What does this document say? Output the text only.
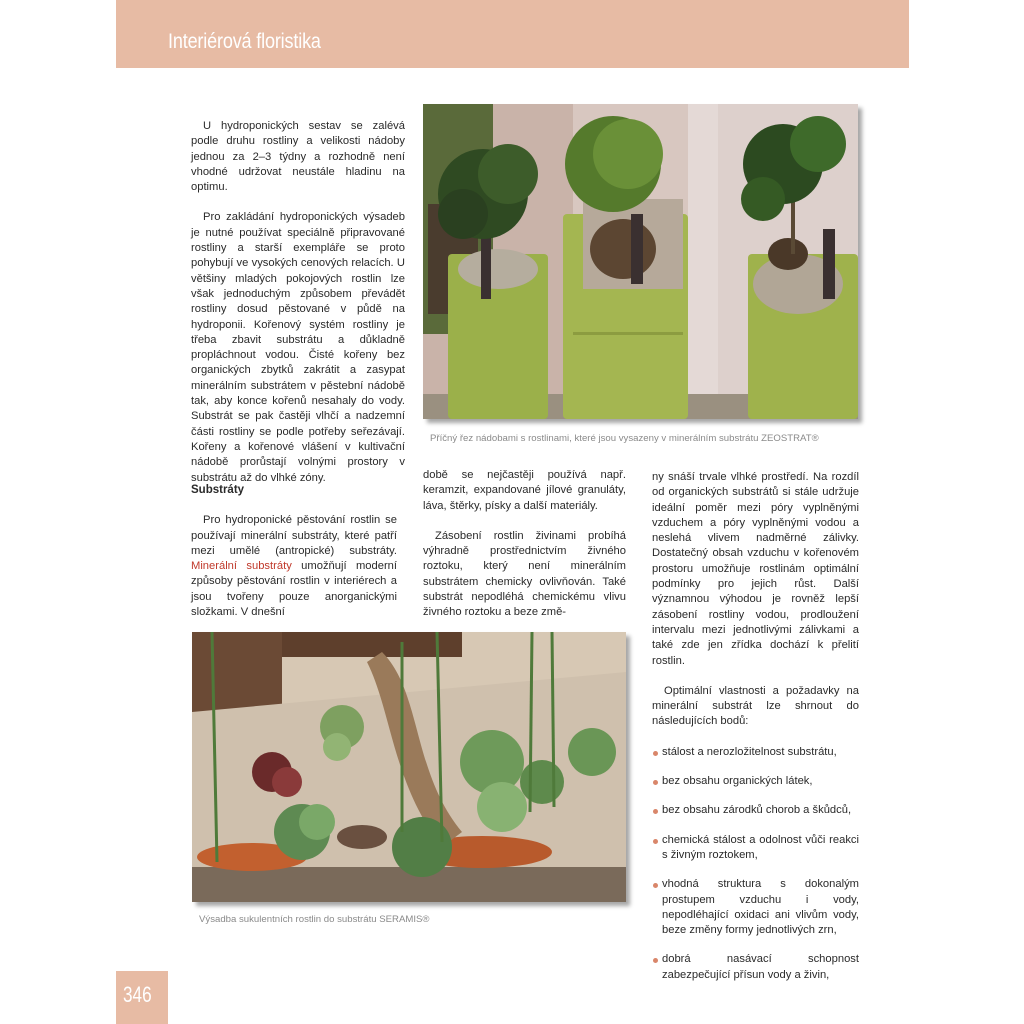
Interiérová floristika

U hydroponických sestav se zalévá podle druhu rostliny a velikosti nádoby jednou za 2–3 týdny a rozhodně není vhodné udržovat neustále hladinu na optimu.

Pro zakládání hydroponických výsadeb je nutné používat speciálně připravované rostliny a starší exempláře se proto pohybují ve vysokých cenových relacích. U většiny mladých pokojových rostlin lze však jednoduchým způsobem převádět rostliny dosud pěstované v půdě na hydroponii. Kořenový systém rostliny je třeba zbavit substrátu a důkladně propláchnout vodou. Čisté kořeny bez organických zbytků zakrátit a zasypat minerálním substrátem v pěstební nádobě tak, aby konce kořenů nesahaly do vody. Substrát se pak častěji vlhčí a nadzemní části rostliny se podle potřeby seřezávají. Kořeny a kořenové vlášení v kultivační nádobě prorůstají volnými prostory v substrátu až do vlhké zóny.

Příčný řez nádobami s rostlinami, které jsou vysazeny v minerálním substrátu ZEOSTRAT®
Substráty

Pro hydroponické pěstování rostlin se používají minerální substráty, které patří mezi umělé (antropické) substráty. Minerální substráty umožňují moderní způsoby pěstování rostlin v interiérech a jsou tvořeny pouze anorganickými složkami. V dnešní

době se nejčastěji používá např. keramzit, expandované jílové granuláty, láva, štěrky, písky a další materiály.

Zásobení rostlin živinami probíhá výhradně prostřednictvím živného roztoku, který není minerálním substrátem chemicky ovlivňován. Také substrát nepodléhá chemickému vlivu živného roztoku a beze změ-

ny snáší trvale vlhké prostředí. Na rozdíl od organických substrátů si stále udržuje ideální poměr mezi póry vyplněnými vzduchem a póry vyplněnými vodou a neslehá vlivem nadměrné zálivky. Dostatečný obsah vzduchu v kořenovém prostoru umožňuje rostlinám optimální podmínky pro jejich růst. Další významnou výhodou je rovněž lepší zásobení rostliny vodou, prodloužení intervalu mezi jednotlivými zálivkami a také zde jen zřídka dochází k přelití rostlin.

Optimální vlastnosti a požadavky na minerální substrát lze shrnout do následujících bodů:

stálost a nerozložitelnost substrátu,
bez obsahu organických látek,
bez obsahu zárodků chorob a škůdců,
chemická stálost a odolnost vůči reakci s živným roztokem,
vhodná struktura s dokonalým prostupem vzduchu i vody, nepodléhající oxidaci ani vlivům vody, beze změny formy jednotlivých zrn,
dobrá nasávací schopnost zabezpečující přísun vody a živin,
Výsadba sukulentních rostlin do substrátu SERAMIS®
346
